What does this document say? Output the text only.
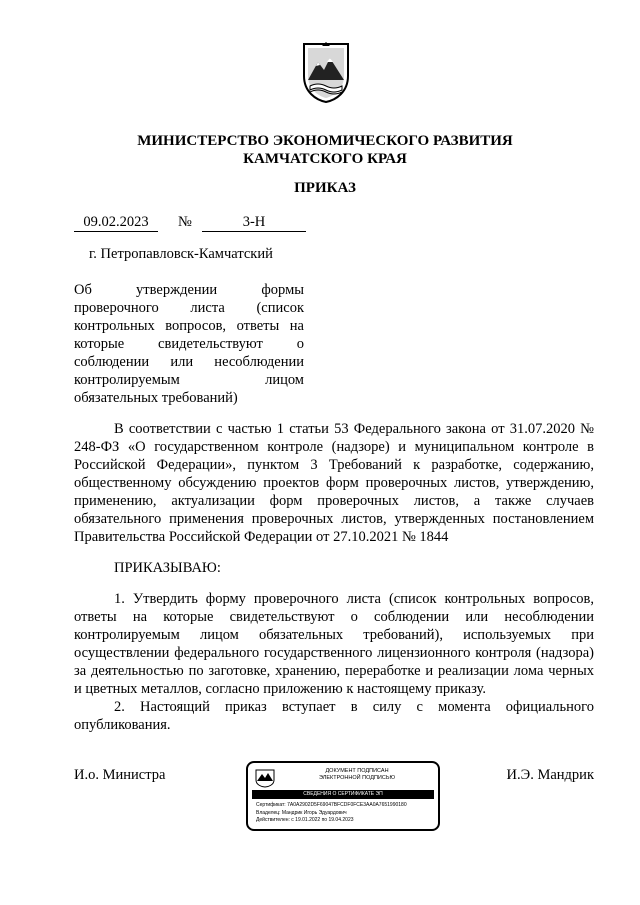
МИНИСТЕРСТВО ЭКОНОМИЧЕСКОГО РАЗВИТИЯ
КАМЧАТСКОГО КРАЯ
ПРИКАЗ
09.02.2023	№	3-Н
г. Петропавловск-Камчатский
Об утверждении формы проверочного листа (список контрольных вопросов, ответы на которые свидетельствуют о соблюдении или несоблюдении контролируемым лицом обязательных требований)
В соответствии с частью 1 статьи 53 Федерального закона от 31.07.2020 № 248-ФЗ «О государственном контроле (надзоре) и муниципальном контроле в Российской Федерации», пунктом 3 Требований к разработке, содержанию, общественному обсуждению проектов форм проверочных листов, утверждению, применению, актуализации форм проверочных листов, а также случаев обязательного применения проверочных листов, утвержденных постановлением Правительства Российской Федерации от 27.10.2021 № 1844
ПРИКАЗЫВАЮ:

1. Утвердить форму проверочного листа (список контрольных вопросов, ответы на которые свидетельствуют о соблюдении или несоблюдении контролируемым лицом обязательных требований), используемых при осуществлении федерального государственного лицензионного контроля (надзора) за деятельностью по заготовке, хранению, переработке и реализации лома черных и цветных металлов, согласно приложению к настоящему приказу.

2. Настоящий приказ вступает в силу с момента официального опубликования.

И.о. Министра	И.Э. Мандрик
ДОКУМЕНТ ПОДПИСАН
ЭЛЕКТРОННОЙ ПОДПИСЬЮ
СВЕДЕНИЯ О СЕРТИФИКАТЕ ЭП
Сертификат: 7A0A2902D5F69047BFCDF0FCE3AA0A7651990180
Владелец: Мандрик Игорь Эдуардович
Действителен: с 19.01.2022 по 19.04.2023
